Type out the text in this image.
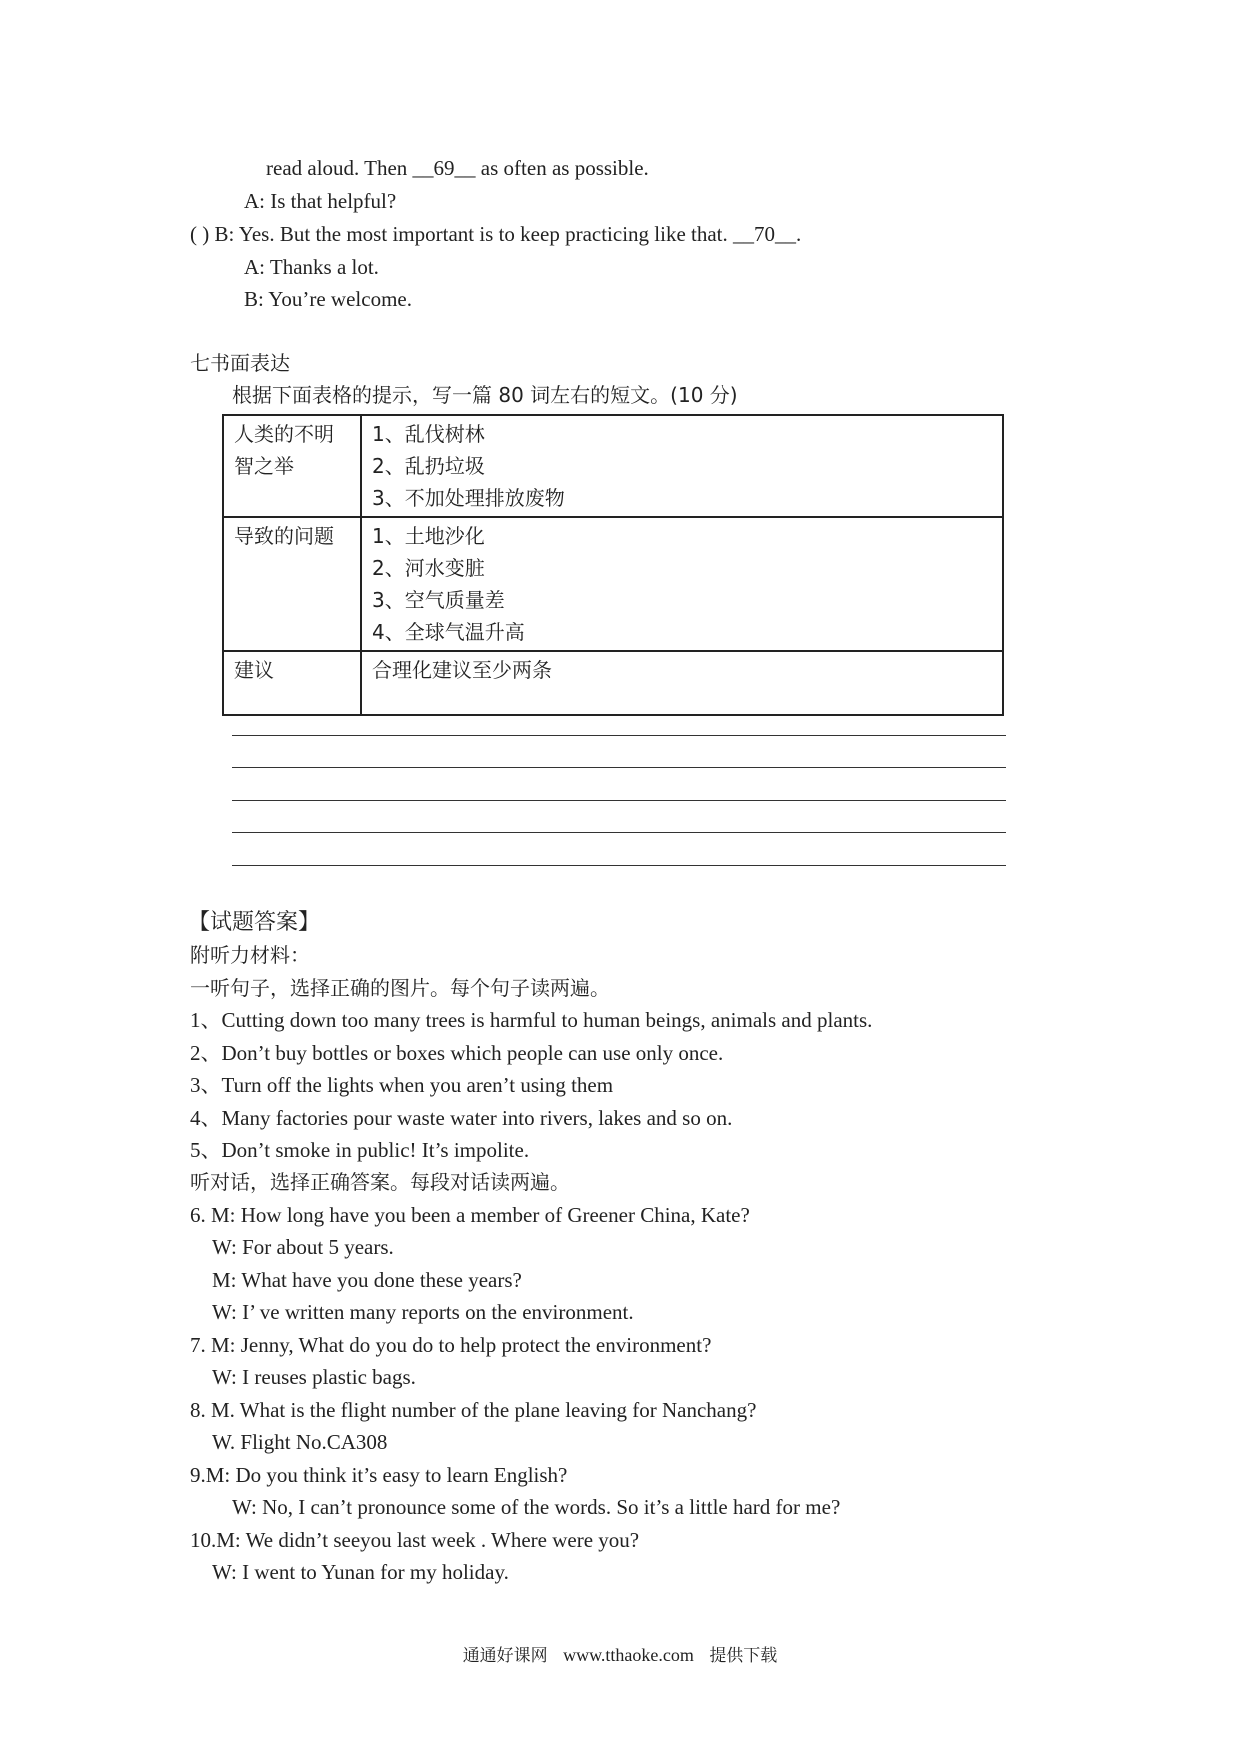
read aloud. Then __69__ as often as possible.
A: Is that helpful?
( ) B: Yes. But the most important is to keep practicing like that. __70__.
A: Thanks a lot.
B: You’re welcome.
七书面表达
根据下面表格的提示，写一篇 80 词左右的短文。(10 分)
人类的不明智之举	1、乱伐树林
2、乱扔垃圾
3、不加处理排放废物

导致的问题	1、土地沙化
2、河水变脏
3、空气质量差
4、全球气温升高

建议	合理化建议至少两条
【试题答案】
附听力材料：
一听句子，选择正确的图片。每个句子读两遍。
1、Cutting down too many trees is harmful to human beings, animals and plants.
2、Don’t buy bottles or boxes which people can use only once.
3、Turn off the lights when you aren’t using them
4、Many factories pour waste water into rivers, lakes and so on.
5、Don’t smoke in public! It’s impolite.
听对话，选择正确答案。每段对话读两遍。
6. M: How long have you been a member of Greener China, Kate?
W: For about 5 years.
M: What have you done these years?
W: I’ ve written many reports on the environment.
7. M: Jenny, What do you do to help protect the environment?
W: I reuses plastic bags.
8. M. What is the flight number of the plane leaving for Nanchang?
W. Flight No.CA308
9.M: Do you think it’s easy to learn English?
W: No, I can’t pronounce some of the words. So it’s a little hard for me?
10.M: We didn’t seeyou last week . Where were you?
W: I went to Yunan for my holiday.
通通好课网 www.tthaoke.com 提供下载
